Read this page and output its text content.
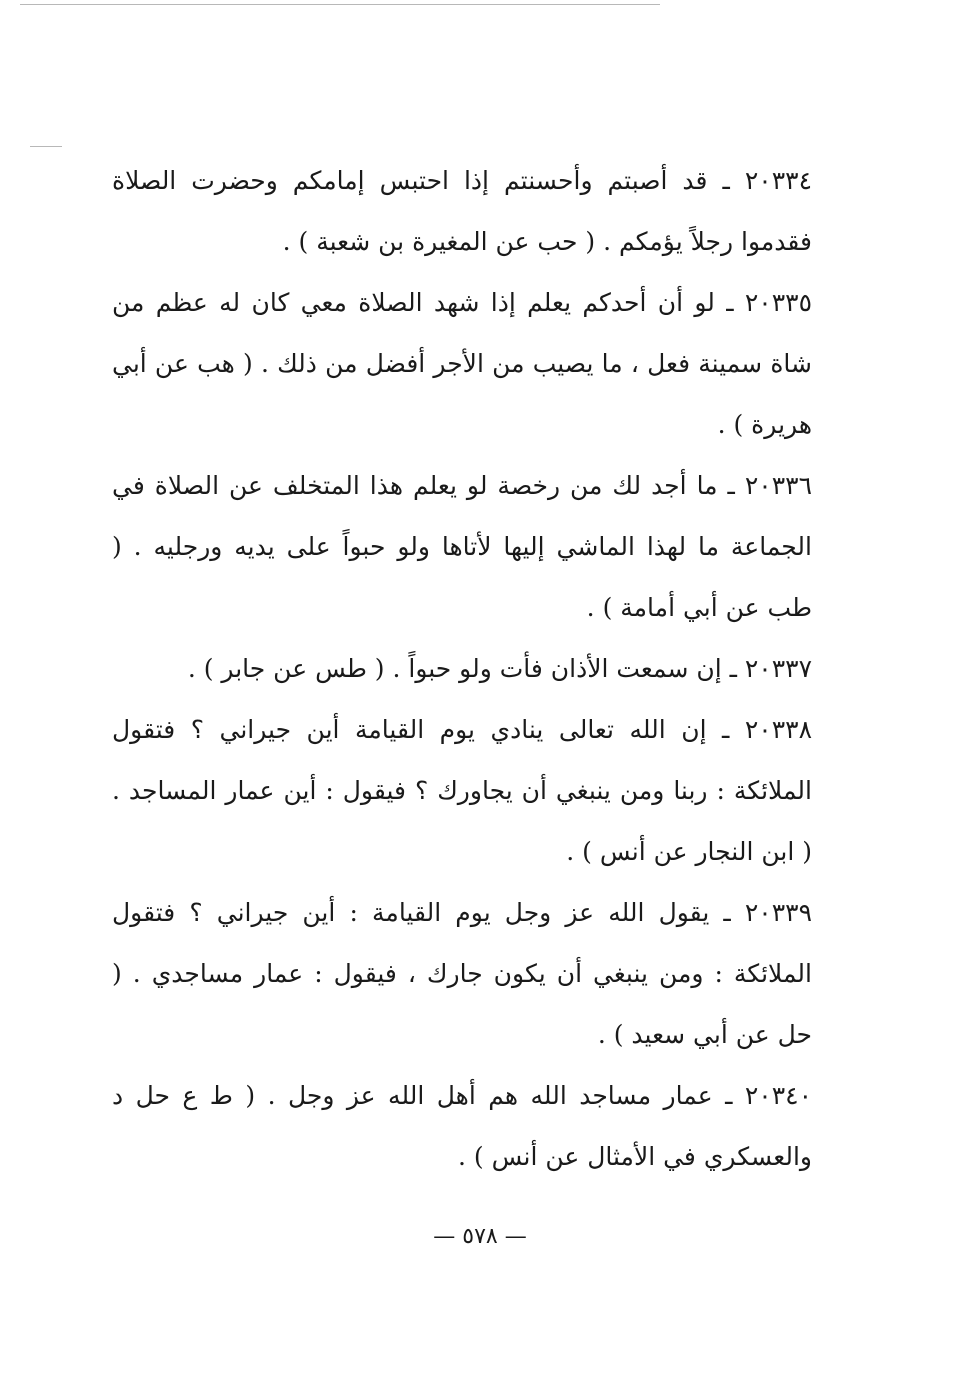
٢٠٣٣٤ ـ قد أصبتم وأحسنتم إذا احتبس إمامكم وحضرت الصلاة فقدموا رجلاً يؤمكم . ( حب عن المغيرة بن شعبة ) .

٢٠٣٣٥ ـ لو أن أحدكم يعلم إذا شهد الصلاة معي كان له عظم من شاة سمينة فعل ، ما يصيب من الأجر أفضل من ذلك . ( هب عن أبي هريرة ) .

٢٠٣٣٦ ـ ما أجد لك من رخصة لو يعلم هذا المتخلف عن الصلاة في الجماعة ما لهذا الماشي إليها لأتاها ولو حبواً على يديه ورجليه . ( طب عن أبي أمامة ) .

٢٠٣٣٧ ـ إن سمعت الأذان فأت ولو حبواً . ( طس عن جابر ) .

٢٠٣٣٨ ـ إن الله تعالى ينادي يوم القيامة أين جيراني ؟ فتقول الملائكة : ربنا ومن ينبغي أن يجاورك ؟ فيقول : أين عمار المساجد . ( ابن النجار عن أنس ) .

٢٠٣٣٩ ـ يقول الله عز وجل يوم القيامة : أين جيراني ؟ فتقول الملائكة : ومن ينبغي أن يكون جارك ، فيقول : عمار مساجدي . ( حل عن أبي سعيد ) .

٢٠٣٤٠ ـ عمار مساجد الله هم أهل الله عز وجل . ( ط ع حل د والعسكري في الأمثال عن أنس ) .

— ٥٧٨ —
